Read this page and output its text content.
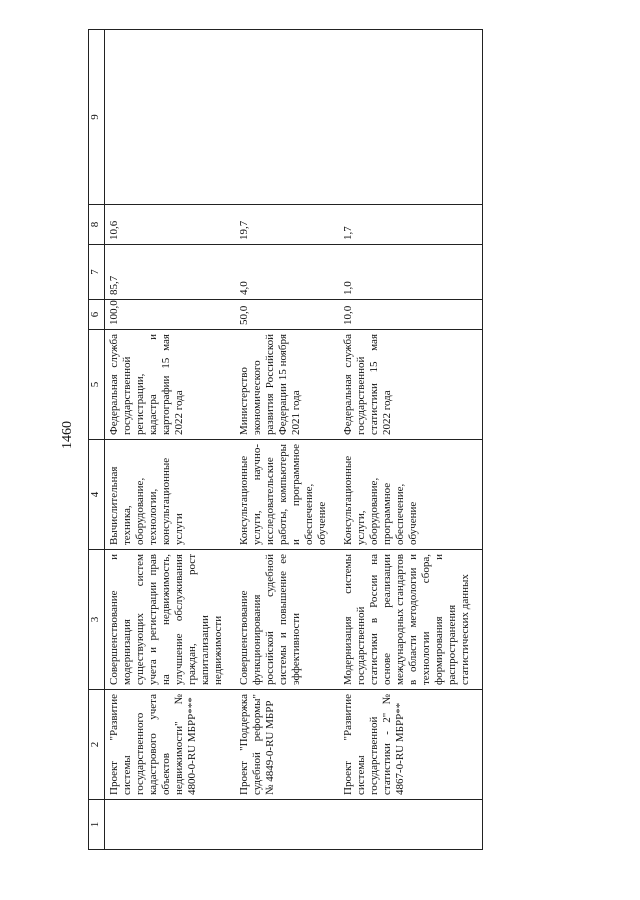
1460
1	2	3	4	5	6	7	8	9
	Проект "Развитие системы государственного кадастрового учета объектов недвижимости" № 4800-0-RU МБРР***	Совершенствование и модернизация существующих систем учета и регистрации прав на недвижимость, улучшение обслуживания граждан, рост капитализации недвижимости	Вычислительная техника, оборудование, технологии, консультационные услуги	Федеральная служба государственной регистрации, кадастра и картографии 15 мая 2022 года	100,0	85,7	10,6	
	Проект "Поддержка судебной реформы" № 4849-0-RU МБРР	Совершенствование функционирования российской судебной системы и повышение ее эффективности	Консультационные услуги, научно-исследовательские работы, компьютеры и программное обеспечение, обучение	Министерство экономического развития Российской Федерации 15 ноября 2021 года	50,0	4,0	19,7	
	Проект "Развитие системы государственной статистики - 2" № 4867-0-RU МБРР**	Модернизация системы государственной статистики в России на основе реализации международных стандартов в области методологии и технологии сбора, формирования и распространения статистических данных	Консультационные услуги, оборудование, программное обеспечение, обучение	Федеральная служба государственной статистики 15 мая 2022 года	10,0	1,0	1,7	
